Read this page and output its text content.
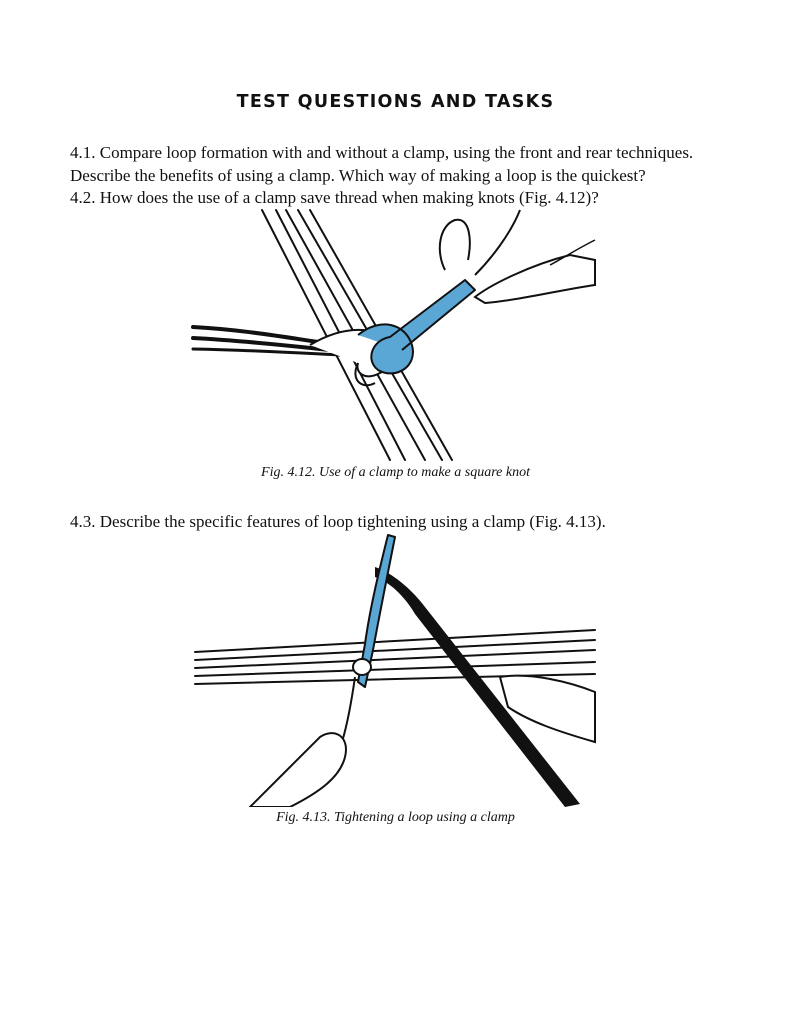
TEST QUESTIONS AND TASKS

4.1. Compare loop formation with and without a clamp, using the front and rear techniques.

Describe the benefits of using a clamp. Which way of making a loop is the quickest?

4.2. How does the use of a clamp save thread when making knots (Fig. 4.12)?

Fig. 4.12. Use of a clamp to make a square knot

4.3. Describe the specific features of loop tightening using a clamp (Fig. 4.13).

Fig. 4.13. Tightening a loop using a clamp
